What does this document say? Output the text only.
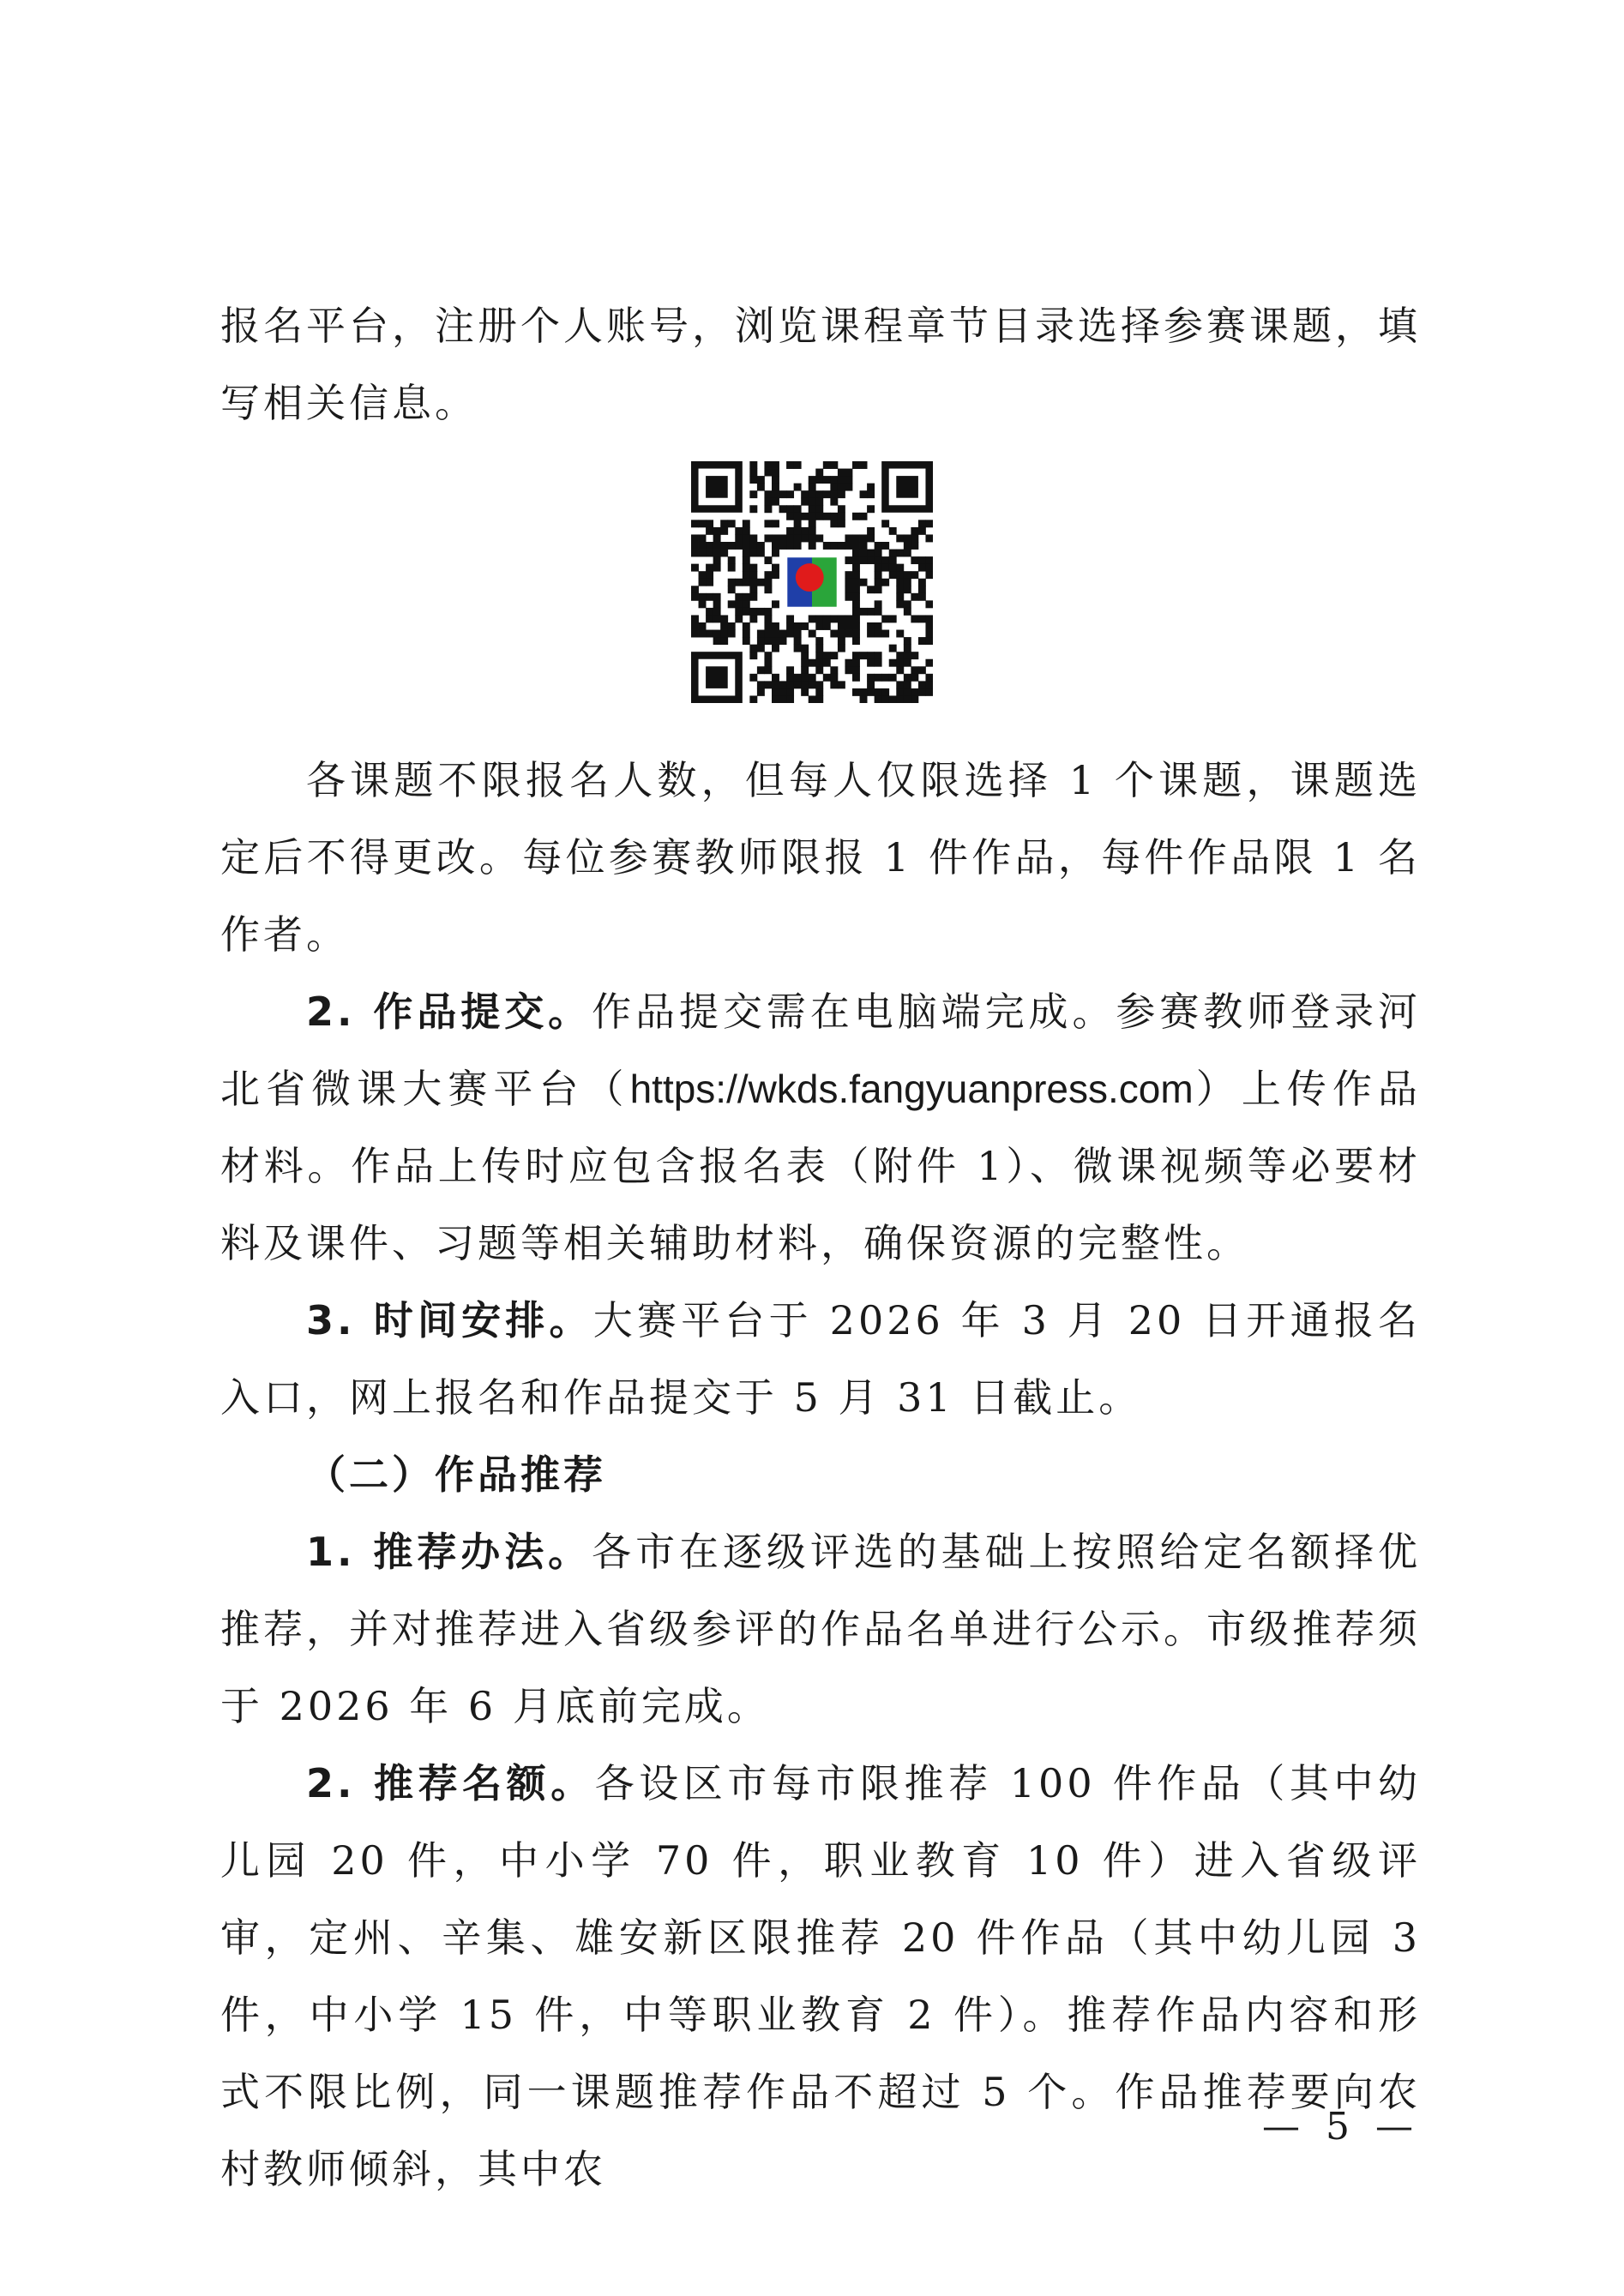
报名平台，注册个人账号，浏览课程章节目录选择参赛课题，填写相关信息。

各课题不限报名人数，但每人仅限选择 1 个课题，课题选定后不得更改。每位参赛教师限报 1 件作品，每件作品限 1 名作者。

2. 作品提交。作品提交需在电脑端完成。参赛教师登录河北省微课大赛平台（https://wkds.fangyuanpress.com）上传作品材料。作品上传时应包含报名表（附件 1）、微课视频等必要材料及课件、习题等相关辅助材料，确保资源的完整性。

3. 时间安排。大赛平台于 2026 年 3 月 20 日开通报名入口，网上报名和作品提交于 5 月 31 日截止。

（二）作品推荐

1. 推荐办法。各市在逐级评选的基础上按照给定名额择优推荐，并对推荐进入省级参评的作品名单进行公示。市级推荐须于 2026 年 6 月底前完成。

2. 推荐名额。各设区市每市限推荐 100 件作品（其中幼儿园 20 件，中小学 70 件，职业教育 10 件）进入省级评审，定州、辛集、雄安新区限推荐 20 件作品（其中幼儿园 3 件，中小学 15 件，中等职业教育 2 件）。推荐作品内容和形式不限比例，同一课题推荐作品不超过 5 个。作品推荐要向农村教师倾斜，其中农

— 5 —
